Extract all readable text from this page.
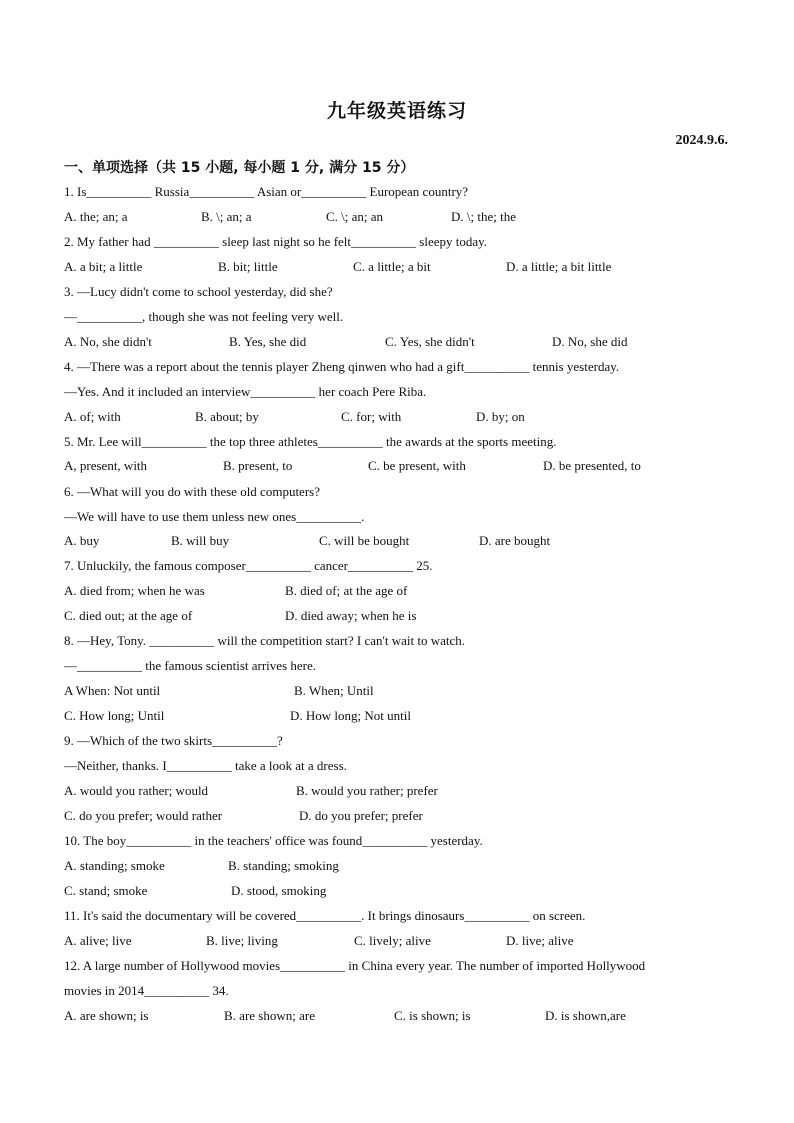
九年级英语练习
2024.9.6.
一、单项选择（共 15 小题, 每小题 1 分, 满分 15 分）
1. Is__________ Russia__________ Asian or__________ European country?
A. the; an; a	B. \; an; a	C. \; an; an	D. \; the; the
2. My father had __________ sleep last night so he felt__________ sleepy today.
A. a bit; a little	B. bit; little	C. a little; a bit	D. a little; a bit little
3. —Lucy didn't come to school yesterday, did she?
—__________, though she was not feeling very well.
A. No, she didn't	B. Yes, she did	C. Yes, she didn't	D. No, she did
4. —There was a report about the tennis player Zheng qinwen who had a gift__________ tennis yesterday.
—Yes. And it included an interview__________ her coach Pere Riba.
A. of; with	B. about; by	C. for; with	D. by; on
5. Mr. Lee will__________ the top three athletes__________ the awards at the sports meeting.
A, present, with	B. present, to	C. be present, with	D. be presented, to
6. —What will you do with these old computers?
—We will have to use them unless new ones__________.
A. buy	B. will buy	C. will be bought	D. are bought
7. Unluckily, the famous composer__________ cancer__________ 25.
A. died from; when he was	B. died of; at the age of
C. died out; at the age of	D. died away; when he is
8. —Hey, Tony. __________ will the competition start? I can't wait to watch.
—__________ the famous scientist arrives here.
A When: Not until	B. When; Until
C. How long; Until	D. How long; Not until
9. —Which of the two skirts__________?
—Neither, thanks. I__________ take a look at a dress.
A. would you rather; would	B. would you rather; prefer
C. do you prefer; would rather	D. do you prefer; prefer
10. The boy__________ in the teachers' office was found__________ yesterday.
A. standing; smoke	B. standing; smoking
C. stand; smoke	D. stood, smoking
11. It's said the documentary will be covered__________. It brings dinosaurs__________ on screen.
A. alive; live	B. live; living	C. lively; alive	D. live; alive
12. A large number of Hollywood movies__________ in China every year. The number of imported Hollywood
movies in 2014__________ 34.
A. are shown; is	B. are shown; are	C. is shown; is	D. is shown,are
